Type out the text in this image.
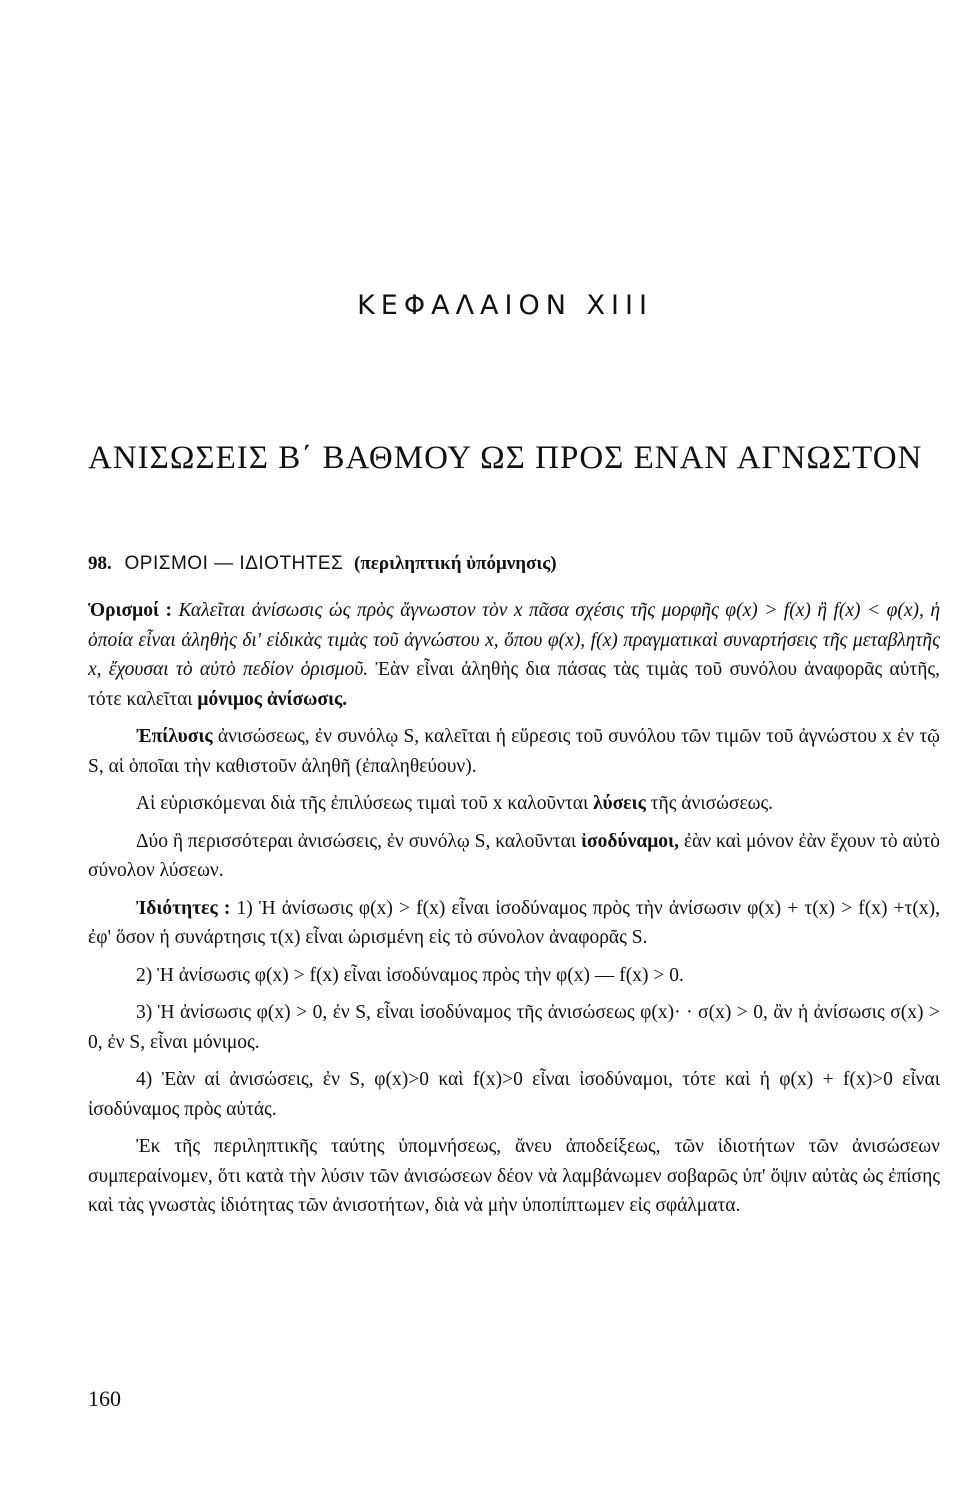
ΚΕΦΑΛΑΙΟΝ ΧΙΙΙ
ΑΝΙΣΩΣΕΙΣ Β΄ ΒΑΘΜΟΥ ΩΣ ΠΡΟΣ ΕΝΑΝ ΑΓΝΩΣΤΟΝ
98. ΟΡΙΣΜΟΙ — ΙΔΙΟΤΗΤΕΣ (περιληπτική ὑπόμνησις)

Ὁρισμοί : Καλεῖται ἀνίσωσις ὡς πρὸς ἄγνωστον τὸν x πᾶσα σχέσις τῆς μορφῆς φ(x) > f(x) ἢ f(x) < φ(x), ἡ ὁποία εἶναι ἀληθὴς δι' εἰδικὰς τιμὰς τοῦ ἀγνώστου x, ὅπου φ(x), f(x) πραγματικαὶ συναρτήσεις τῆς μεταβλητῆς x, ἔχουσαι τὸ αὐτὸ πεδίον ὁρισμοῦ. Ἐὰν εἶναι ἀληθὴς δια πάσας τὰς τιμὰς τοῦ συνόλου ἀναφορᾶς αὐτῆς, τότε καλεῖται μόνιμος ἀνίσωσις.

Ἐπίλυσις ἀνισώσεως, ἐν συνόλῳ S, καλεῖται ἡ εὕρεσις τοῦ συνόλου τῶν τιμῶν τοῦ ἀγνώστου x ἐν τῷ S, αἱ ὁποῖαι τὴν καθιστοῦν ἀληθῆ (ἐπαληθεύουν).

Αἱ εὑρισκόμεναι διὰ τῆς ἐπιλύσεως τιμαὶ τοῦ x καλοῦνται λύσεις τῆς ἀνισώσεως.

Δύο ἢ περισσότεραι ἀνισώσεις, ἐν συνόλῳ S, καλοῦνται ἰσοδύναμοι, ἐὰν καὶ μόνον ἐὰν ἔχουν τὸ αὐτὸ σύνολον λύσεων.

Ἰδιότητες : 1) Ἡ ἀνίσωσις φ(x) > f(x) εἶναι ἰσοδύναμος πρὸς τὴν ἀνίσωσιν φ(x) + τ(x) > f(x) +τ(x), ἐφ' ὅσον ἡ συνάρτησις τ(x) εἶναι ὡρισμένη εἰς τὸ σύνολον ἀναφορᾶς S.

2) Ἡ ἀνίσωσις φ(x) > f(x) εἶναι ἰσοδύναμος πρὸς τὴν φ(x) — f(x) > 0.

3) Ἡ ἀνίσωσις φ(x) > 0, ἐν S, εἶναι ἰσοδύναμος τῆς ἀνισώσεως φ(x)· · σ(x) > 0, ἂν ἡ ἀνίσωσις σ(x) > 0, ἐν S, εἶναι μόνιμος.

4) Ἐὰν αἱ ἀνισώσεις, ἐν S, φ(x)>0 καὶ f(x)>0 εἶναι ἰσοδύναμοι, τότε καὶ ἡ φ(x) + f(x)>0 εἶναι ἰσοδύναμος πρὸς αὐτάς.

Ἐκ τῆς περιληπτικῆς ταύτης ὑπομνήσεως, ἄνευ ἀποδείξεως, τῶν ἰδιοτήτων τῶν ἀνισώσεων συμπεραίνομεν, ὅτι κατὰ τὴν λύσιν τῶν ἀνισώσεων δέον νὰ λαμβάνωμεν σοβαρῶς ὑπ' ὄψιν αὐτὰς ὡς ἐπίσης καὶ τὰς γνωστὰς ἰδιότητας τῶν ἀνισοτήτων, διὰ νὰ μὴν ὑποπίπτωμεν εἰς σφάλματα.

160
